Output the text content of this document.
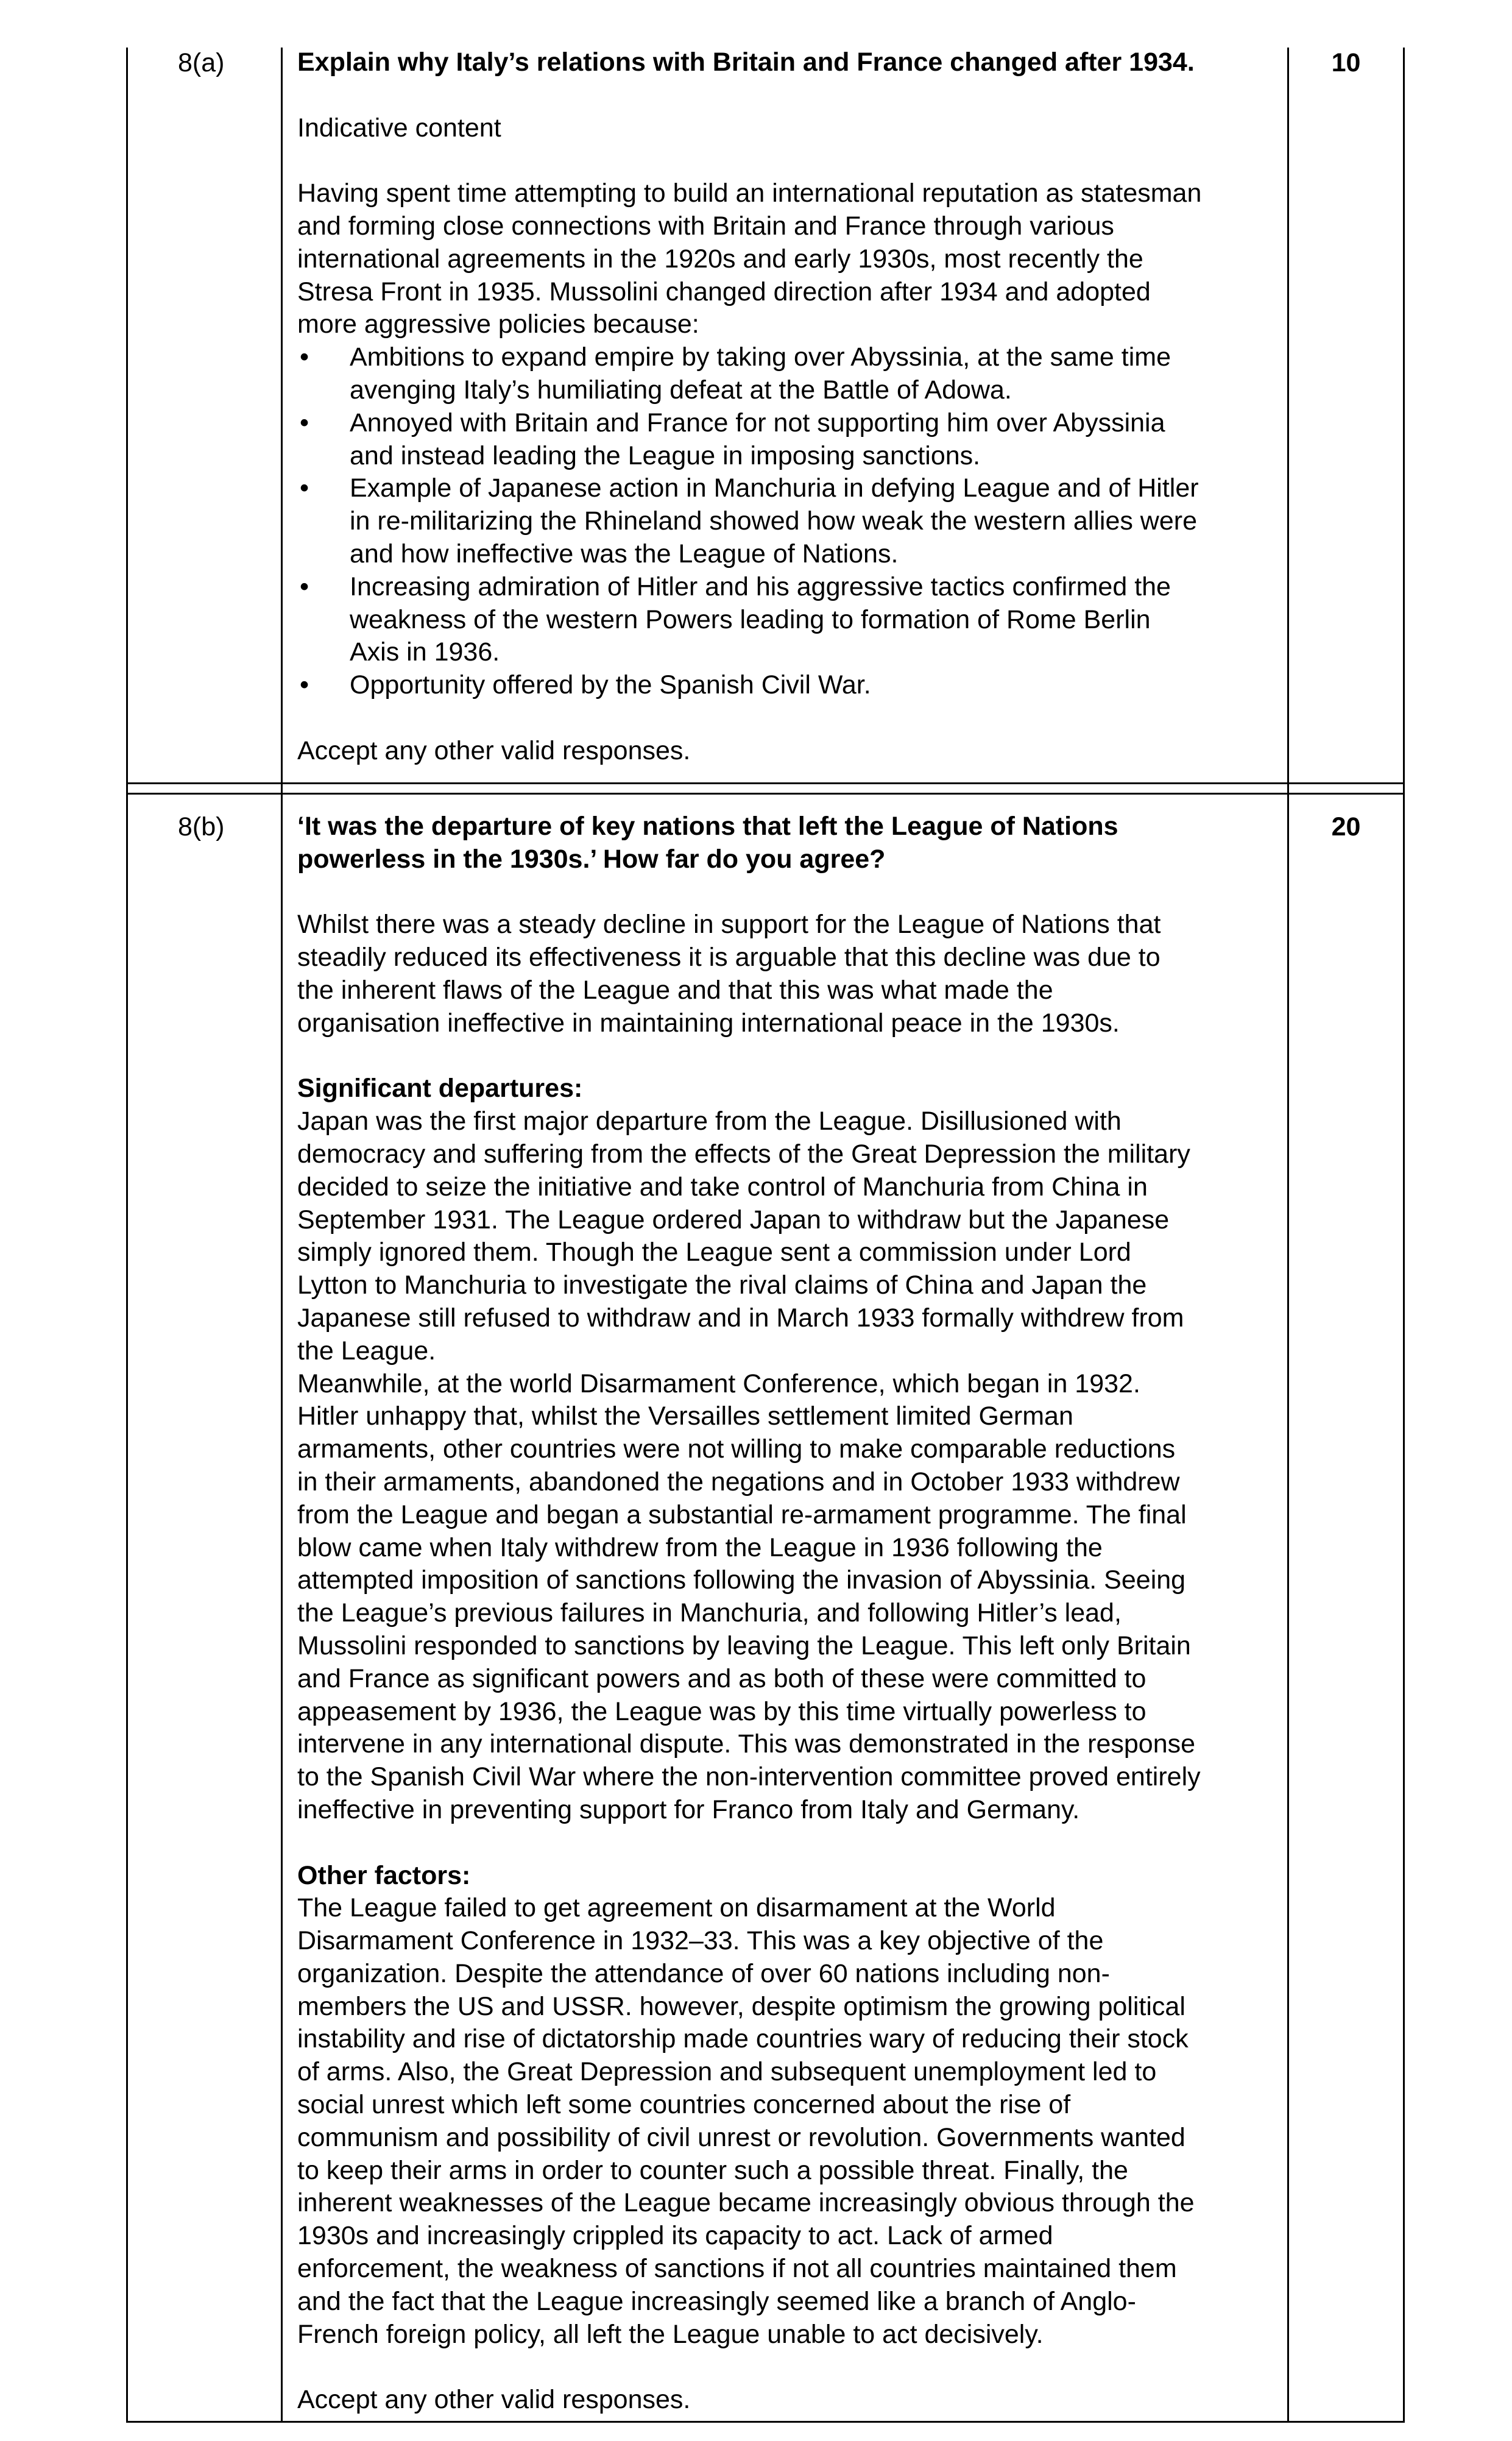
8(a)	10

Explain why Italy’s relations with Britain and France changed after 1934.

Indicative content

Having spent time attempting to build an international reputation as statesman

and forming close connections with Britain and France through various

international agreements in the 1920s and early 1930s, most recently the

Stresa Front in 1935. Mussolini changed direction after 1934 and adopted

more aggressive policies because:

• Ambitions to expand empire by taking over Abyssinia, at the same time
avenging Italy’s humiliating defeat at the Battle of Adowa.
• Annoyed with Britain and France for not supporting him over Abyssinia
and instead leading the League in imposing sanctions.
• Example of Japanese action in Manchuria in defying League and of Hitler
in re-militarizing the Rhineland showed how weak the western allies were
and how ineffective was the League of Nations.
• Increasing admiration of Hitler and his aggressive tactics confirmed the
weakness of the western Powers leading to formation of Rome Berlin
Axis in 1936.
• Opportunity offered by the Spanish Civil War.

Accept any other valid responses.

8(b)	20

‘It was the departure of key nations that left the League of Nations

powerless in the 1930s.’ How far do you agree?

Whilst there was a steady decline in support for the League of Nations that

steadily reduced its effectiveness it is arguable that this decline was due to

the inherent flaws of the League and that this was what made the

organisation ineffective in maintaining international peace in the 1930s.

Significant departures:

Japan was the first major departure from the League. Disillusioned with

democracy and suffering from the effects of the Great Depression the military

decided to seize the initiative and take control of Manchuria from China in

September 1931. The League ordered Japan to withdraw but the Japanese

simply ignored them. Though the League sent a commission under Lord

Lytton to Manchuria to investigate the rival claims of China and Japan the

Japanese still refused to withdraw and in March 1933 formally withdrew from

the League.

Meanwhile, at the world Disarmament Conference, which began in 1932.

Hitler unhappy that, whilst the Versailles settlement limited German

armaments, other countries were not willing to make comparable reductions

in their armaments, abandoned the negations and in October 1933 withdrew

from the League and began a substantial re-armament programme. The final

blow came when Italy withdrew from the League in 1936 following the

attempted imposition of sanctions following the invasion of Abyssinia. Seeing

the League’s previous failures in Manchuria, and following Hitler’s lead,

Mussolini responded to sanctions by leaving the League. This left only Britain

and France as significant powers and as both of these were committed to

appeasement by 1936, the League was by this time virtually powerless to

intervene in any international dispute. This was demonstrated in the response

to the Spanish Civil War where the non-intervention committee proved entirely

ineffective in preventing support for Franco from Italy and Germany.

Other factors:

The League failed to get agreement on disarmament at the World

Disarmament Conference in 1932–33. This was a key objective of the

organization. Despite the attendance of over 60 nations including non-

members the US and USSR. however, despite optimism the growing political

instability and rise of dictatorship made countries wary of reducing their stock

of arms. Also, the Great Depression and subsequent unemployment led to

social unrest which left some countries concerned about the rise of

communism and possibility of civil unrest or revolution. Governments wanted

to keep their arms in order to counter such a possible threat. Finally, the

inherent weaknesses of the League became increasingly obvious through the

1930s and increasingly crippled its capacity to act. Lack of armed

enforcement, the weakness of sanctions if not all countries maintained them

and the fact that the League increasingly seemed like a branch of Anglo-

French foreign policy, all left the League unable to act decisively.

Accept any other valid responses.
